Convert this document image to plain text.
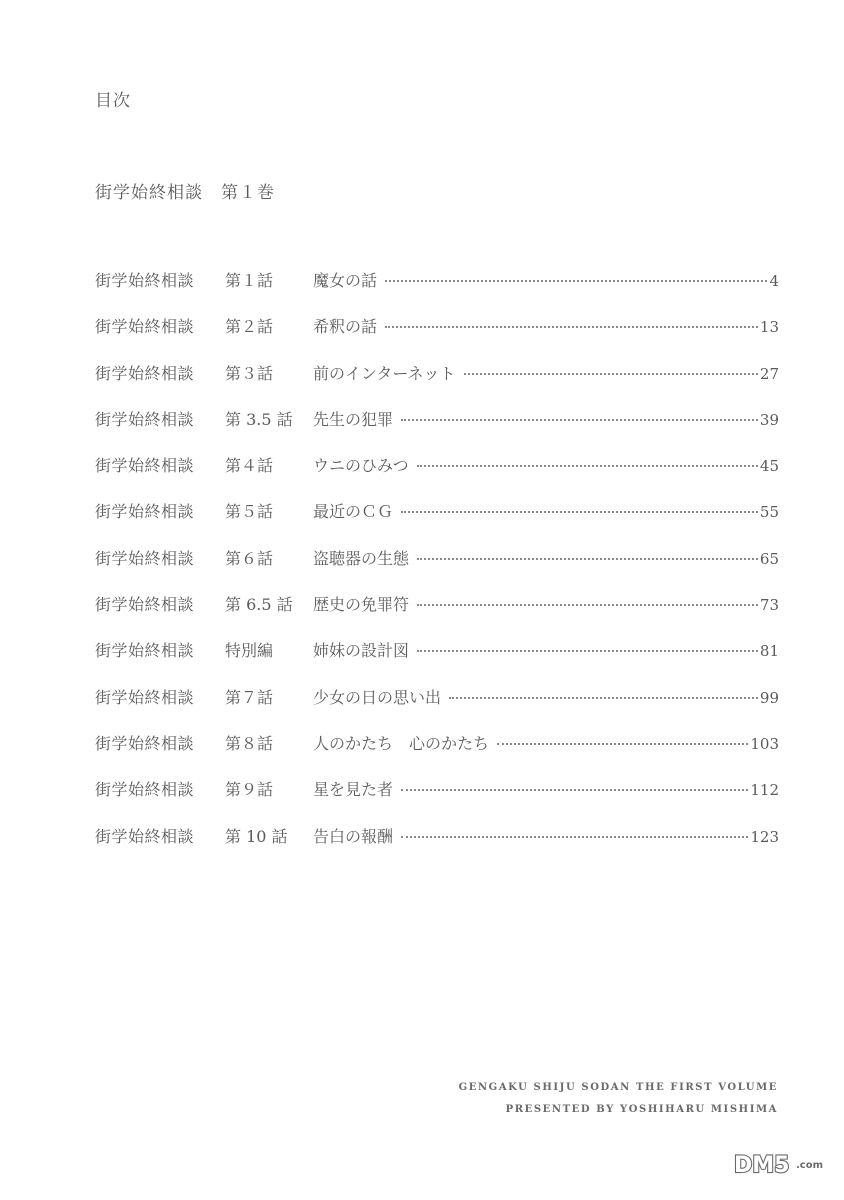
目次
街学始終相談　第１巻
街学始終相談	第１話	魔女の話	4
街学始終相談	第２話	希釈の話	13
街学始終相談	第３話	前のインターネット	27
街学始終相談	第 3.5 話	先生の犯罪	39
街学始終相談	第４話	ウニのひみつ	45
街学始終相談	第５話	最近のＣＧ	55
街学始終相談	第６話	盗聴器の生態	65
街学始終相談	第 6.5 話	歴史の免罪符	73
街学始終相談	特別編	姉妹の設計図	81
街学始終相談	第７話	少女の日の思い出	99
街学始終相談	第８話	人のかたち　心のかたち	103
街学始終相談	第９話	星を見た者	112
街学始終相談	第 10 話	告白の報酬	123
GENGAKU SHIJU SODAN THE FIRST VOLUME
PRESENTED BY YOSHIHARU MISHIMA
DM5 .com
